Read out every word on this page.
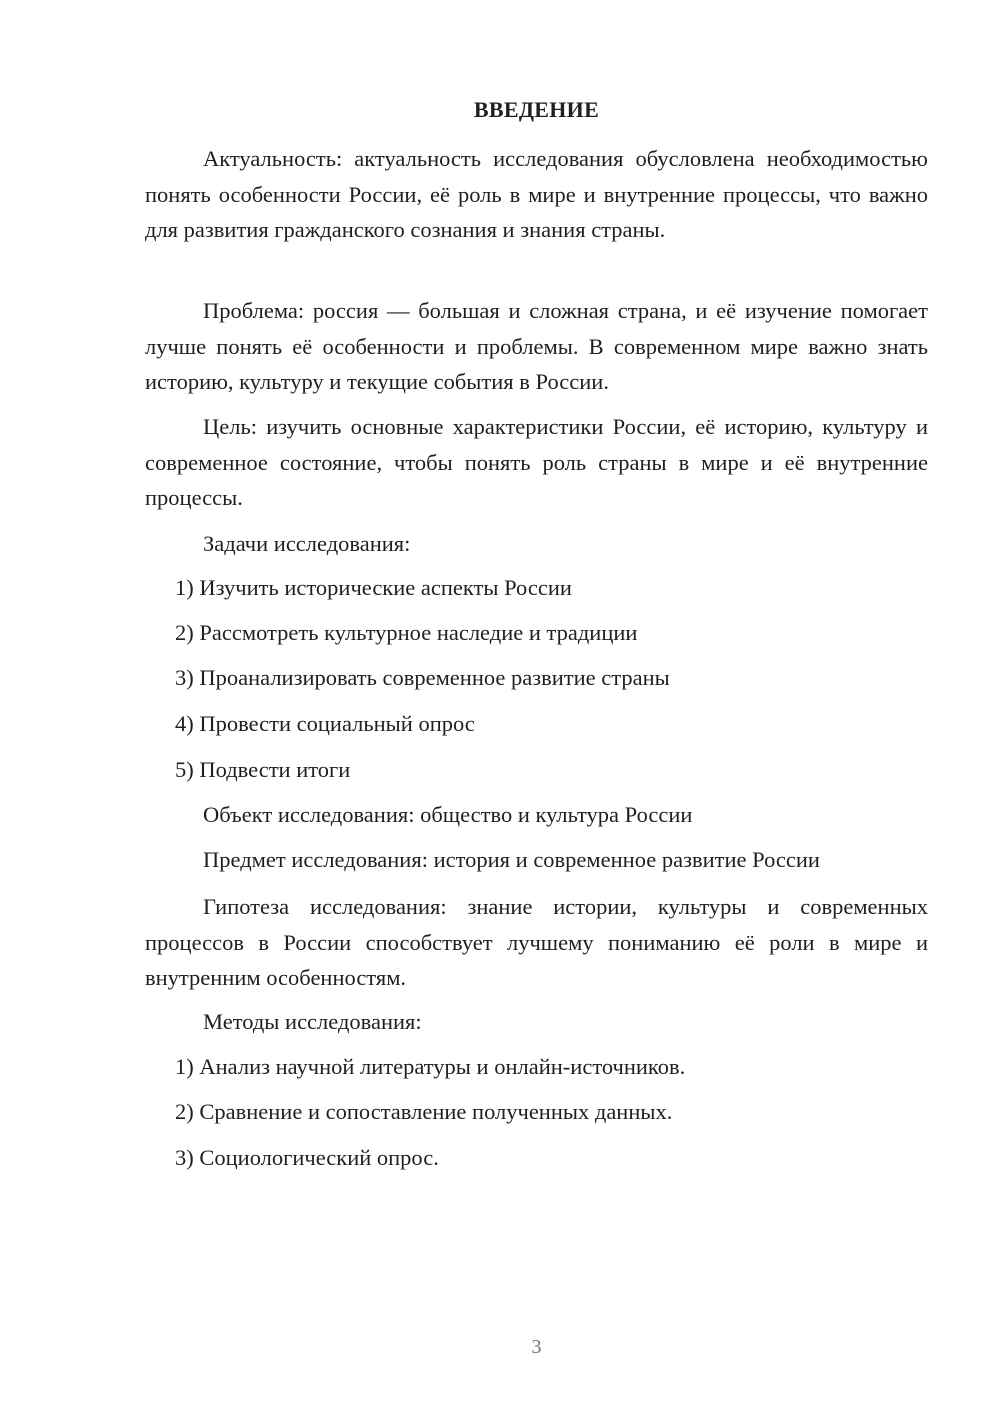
ВВЕДЕНИЕ

Актуальность: актуальность исследования обусловлена необходимостью понять особенности России, её роль в мире и внутренние процессы, что важно для развития гражданского сознания и знания страны.

Проблема: россия — большая и сложная страна, и её изучение помогает лучше понять её особенности и проблемы. В современном мире важно знать историю, культуру и текущие события в России.

Цель: изучить основные характеристики России, её историю, культуру и современное состояние, чтобы понять роль страны в мире и её внутренние процессы.

Задачи исследования:

1) Изучить исторические аспекты России

2) Рассмотреть культурное наследие и традиции

3) Проанализировать современное развитие страны

4) Провести социальный опрос

5) Подвести итоги

Объект исследования: общество и культура России

Предмет исследования: история и современное развитие России

Гипотеза исследования: знание истории, культуры и современных процессов в России способствует лучшему пониманию её роли в мире и внутренним особенностям.

Методы исследования:

1) Анализ научной литературы и онлайн-источников.

2) Сравнение и сопоставление полученных данных.

3) Социологический опрос.

3
